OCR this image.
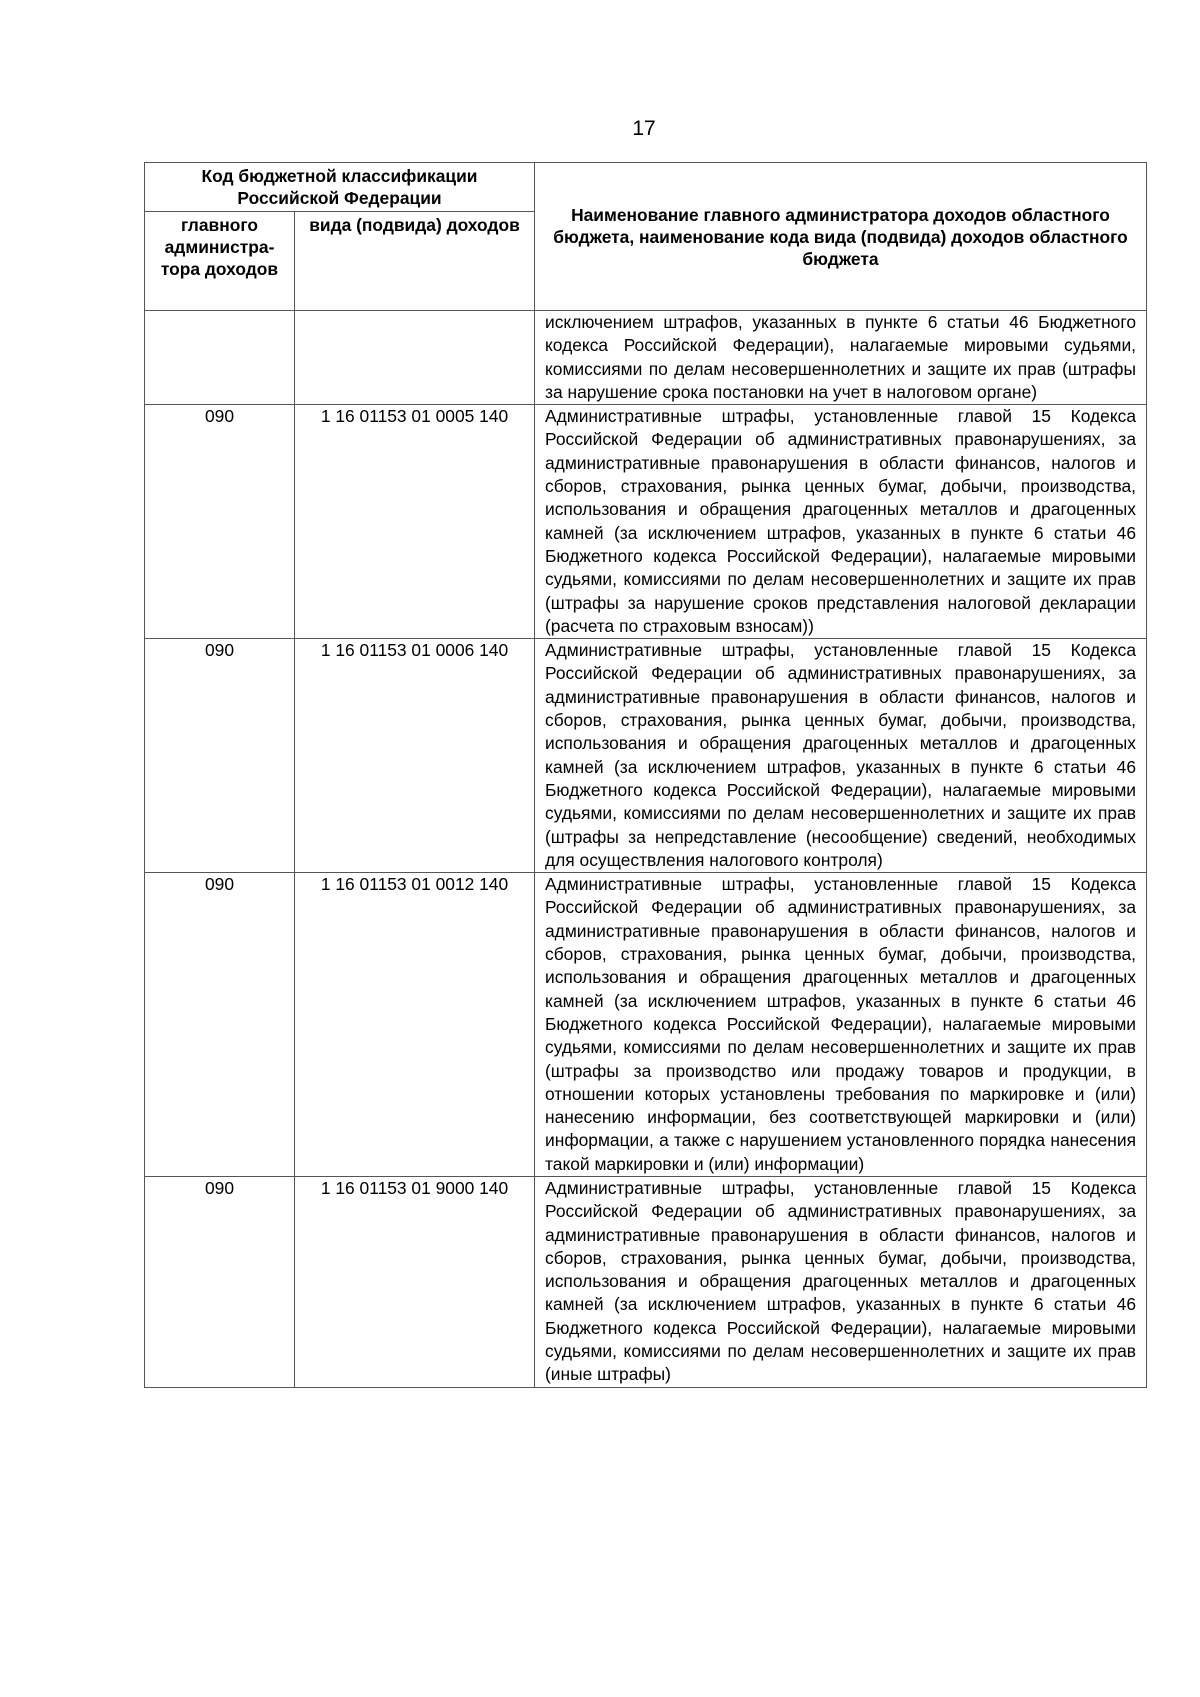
17
Код бюджетной классификации Российской Федерации		Наименование главного администратора доходов областного бюджета, наименование кода вида (подвида) доходов областного бюджета
главного администра-тора доходов	вида (подвида) доходов	
		исключением штрафов, указанных в пункте 6 статьи 46 Бюджетного кодекса Российской Федерации), налагаемые мировыми судьями, комиссиями по делам несовершеннолетних и защите их прав (штрафы за нарушение срока постановки на учет в налоговом органе)
090	1 16 01153 01 0005 140	Административные штрафы, установленные главой 15 Кодекса Российской Федерации об административных правонарушениях, за административные правонарушения в области финансов, налогов и сборов, страхования, рынка ценных бумаг, добычи, производства, использования и обращения драгоценных металлов и драгоценных камней (за исключением штрафов, указанных в пункте 6 статьи 46 Бюджетного кодекса Российской Федерации), налагаемые мировыми судьями, комиссиями по делам несовершеннолетних и защите их прав (штрафы за нарушение сроков представления налоговой декларации (расчета по страховым взносам))
090	1 16 01153 01 0006 140	Административные штрафы, установленные главой 15 Кодекса Российской Федерации об административных правонарушениях, за административные правонарушения в области финансов, налогов и сборов, страхования, рынка ценных бумаг, добычи, производства, использования и обращения драгоценных металлов и драгоценных камней (за исключением штрафов, указанных в пункте 6 статьи 46 Бюджетного кодекса Российской Федерации), налагаемые мировыми судьями, комиссиями по делам несовершеннолетних и защите их прав (штрафы за непредставление (несообщение) сведений, необходимых для осуществления налогового контроля)
090	1 16 01153 01 0012 140	Административные штрафы, установленные главой 15 Кодекса Российской Федерации об административных правонарушениях, за административные правонарушения в области финансов, налогов и сборов, страхования, рынка ценных бумаг, добычи, производства, использования и обращения драгоценных металлов и драгоценных камней (за исключением штрафов, указанных в пункте 6 статьи 46 Бюджетного кодекса Российской Федерации), налагаемые мировыми судьями, комиссиями по делам несовершеннолетних и защите их прав (штрафы за производство или продажу товаров и продукции, в отношении которых установлены требования по маркировке и (или) нанесению информации, без соответствующей маркировки и (или) информации, а также с нарушением установленного порядка нанесения такой маркировки и (или) информации)
090	1 16 01153 01 9000 140	Административные штрафы, установленные главой 15 Кодекса Российской Федерации об административных правонарушениях, за административные правонарушения в области финансов, налогов и сборов, страхования, рынка ценных бумаг, добычи, производства, использования и обращения драгоценных металлов и драгоценных камней (за исключением штрафов, указанных в пункте 6 статьи 46 Бюджетного кодекса Российской Федерации), налагаемые мировыми судьями, комиссиями по делам несовершеннолетних и защите их прав (иные штрафы)
